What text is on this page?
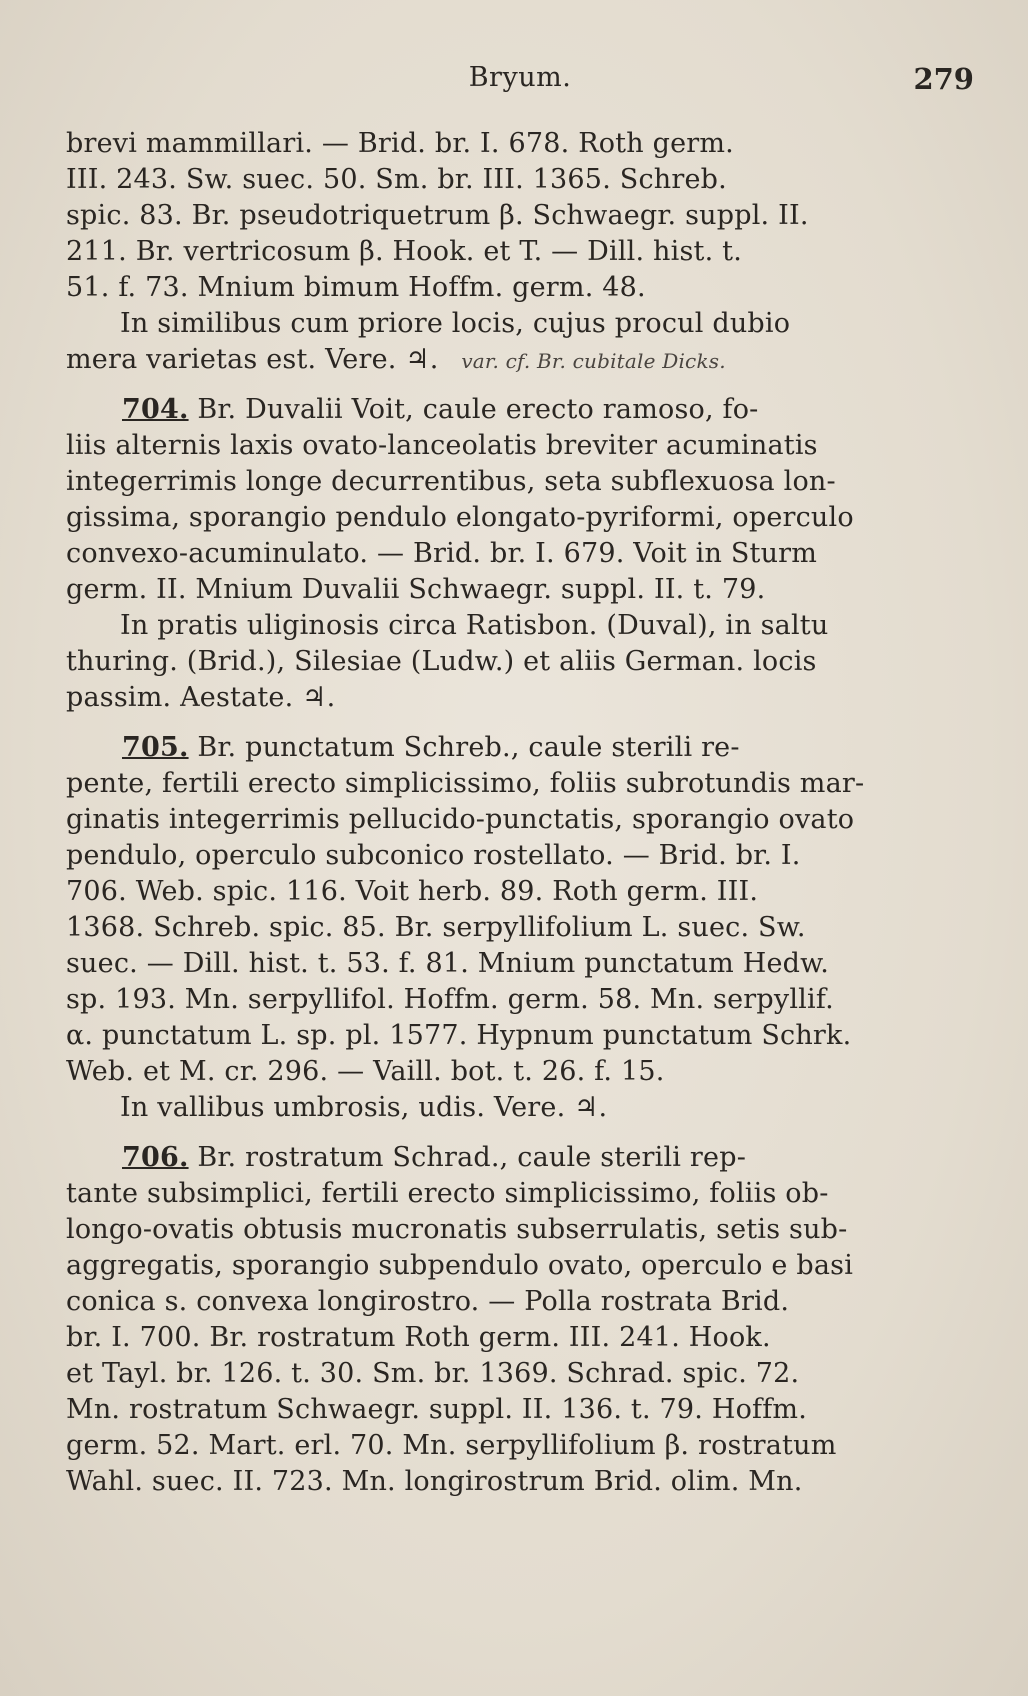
Bryum.	279
brevi mammillari. — Brid. br. I. 678. Roth germ.
III. 243. Sw. suec. 50. Sm. br. III. 1365. Schreb.
spic. 83. Br. pseudotriquetrum β. Schwaegr. suppl. II.
211. Br. vertricosum β. Hook. et T. — Dill. hist. t.
51. f. 73. Mnium bimum Hoffm. germ. 48.
In similibus cum priore locis, cujus procul dubio
mera varietas est. Vere. ♃. var. cf. Br. cubitale Dicks.
704. Br. Duvalii Voit, caule erecto ramoso, fo-
liis alternis laxis ovato-lanceolatis breviter acuminatis
integerrimis longe decurrentibus, seta subflexuosa lon-
gissima, sporangio pendulo elongato-pyriformi, operculo
convexo-acuminulato. — Brid. br. I. 679. Voit in Sturm
germ. II. Mnium Duvalii Schwaegr. suppl. II. t. 79.
In pratis uliginosis circa Ratisbon. (Duval), in saltu
thuring. (Brid.), Silesiae (Ludw.) et aliis German. locis
passim. Aestate. ♃.
705. Br. punctatum Schreb., caule sterili re-
pente, fertili erecto simplicissimo, foliis subrotundis mar-
ginatis integerrimis pellucido-punctatis, sporangio ovato
pendulo, operculo subconico rostellato. — Brid. br. I.
706. Web. spic. 116. Voit herb. 89. Roth germ. III.
1368. Schreb. spic. 85. Br. serpyllifolium L. suec. Sw.
suec. — Dill. hist. t. 53. f. 81. Mnium punctatum Hedw.
sp. 193. Mn. serpyllifol. Hoffm. germ. 58. Mn. serpyllif.
α. punctatum L. sp. pl. 1577. Hypnum punctatum Schrk.
Web. et M. cr. 296. — Vaill. bot. t. 26. f. 15.
In vallibus umbrosis, udis. Vere. ♃.
706. Br. rostratum Schrad., caule sterili rep-
tante subsimplici, fertili erecto simplicissimo, foliis ob-
longo-ovatis obtusis mucronatis subserrulatis, setis sub-
aggregatis, sporangio subpendulo ovato, operculo e basi
conica s. convexa longirostro. — Polla rostrata Brid.
br. I. 700. Br. rostratum Roth germ. III. 241. Hook.
et Tayl. br. 126. t. 30. Sm. br. 1369. Schrad. spic. 72.
Mn. rostratum Schwaegr. suppl. II. 136. t. 79. Hoffm.
germ. 52. Mart. erl. 70. Mn. serpyllifolium β. rostratum
Wahl. suec. II. 723. Mn. longirostrum Brid. olim. Mn.
